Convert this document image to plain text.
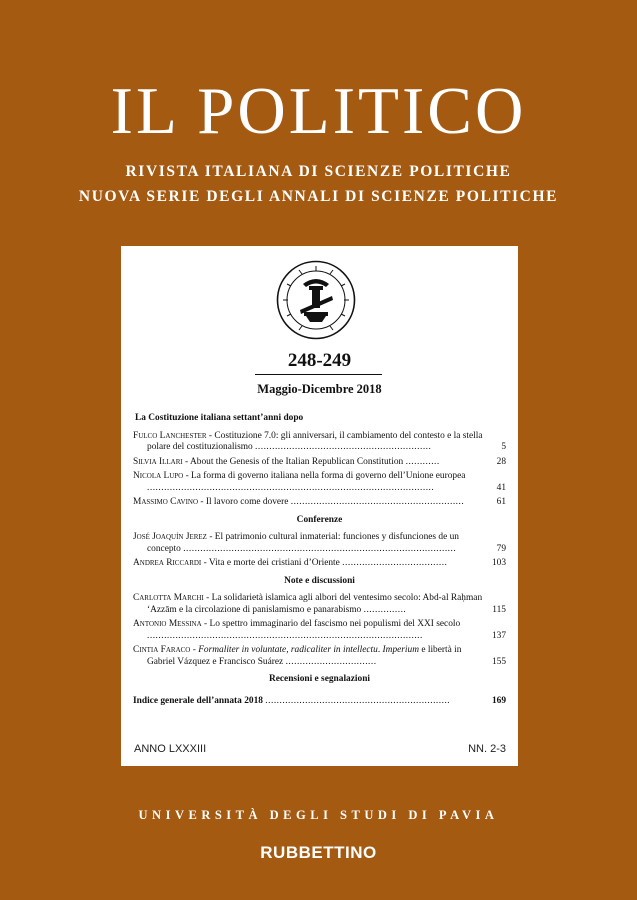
IL POLITICO
RIVISTA ITALIANA DI SCIENZE POLITICHE
NUOVA SERIE DEGLI ANNALI DI SCIENZE POLITICHE
248-249
Maggio-Dicembre 2018
La Costituzione italiana settant’anni dopo
Fulco Lanchester - Costituzione 7.0: gli anniversari, il cambiamento del contesto e la stella polare del costituzionalismo ..............................................................	5
Silvia Illari - About the Genesis of the Italian Republican Constitution ............	28
Nicola Lupo - La forma di governo italiana nella forma di governo dell’Unione europea .....................................................................................................	41
Massimo Cavino - Il lavoro come dovere .............................................................	61
Conferenze
José Joaquín Jerez - El patrimonio cultural inmaterial: funciones y disfunciones de un concepto ................................................................................................	79
Andrea Riccardi - Vita e morte dei cristiani d’Oriente .....................................	103
Note e discussioni
Carlotta Marchi - La solidarietà islamica agli albori del ventesimo secolo: Abd-al Raḥman ‘Azzām e la circolazione di panislamismo e panarabismo ...............	115
Antonio Messina - Lo spettro immaginario del fascismo nei populismi del XXI secolo .................................................................................................	137
Cintia Faraco - Formaliter in voluntate, radicaliter in intellectu. Imperium e libertà in Gabriel Vázquez e Francisco Suárez ................................	155
Recensioni e segnalazioni
Indice generale dell’annata 2018 .................................................................	169
ANNO LXXXIII	NN. 2-3
UNIVERSITÀ DEGLI STUDI DI PAVIA
RUBBETTINO
